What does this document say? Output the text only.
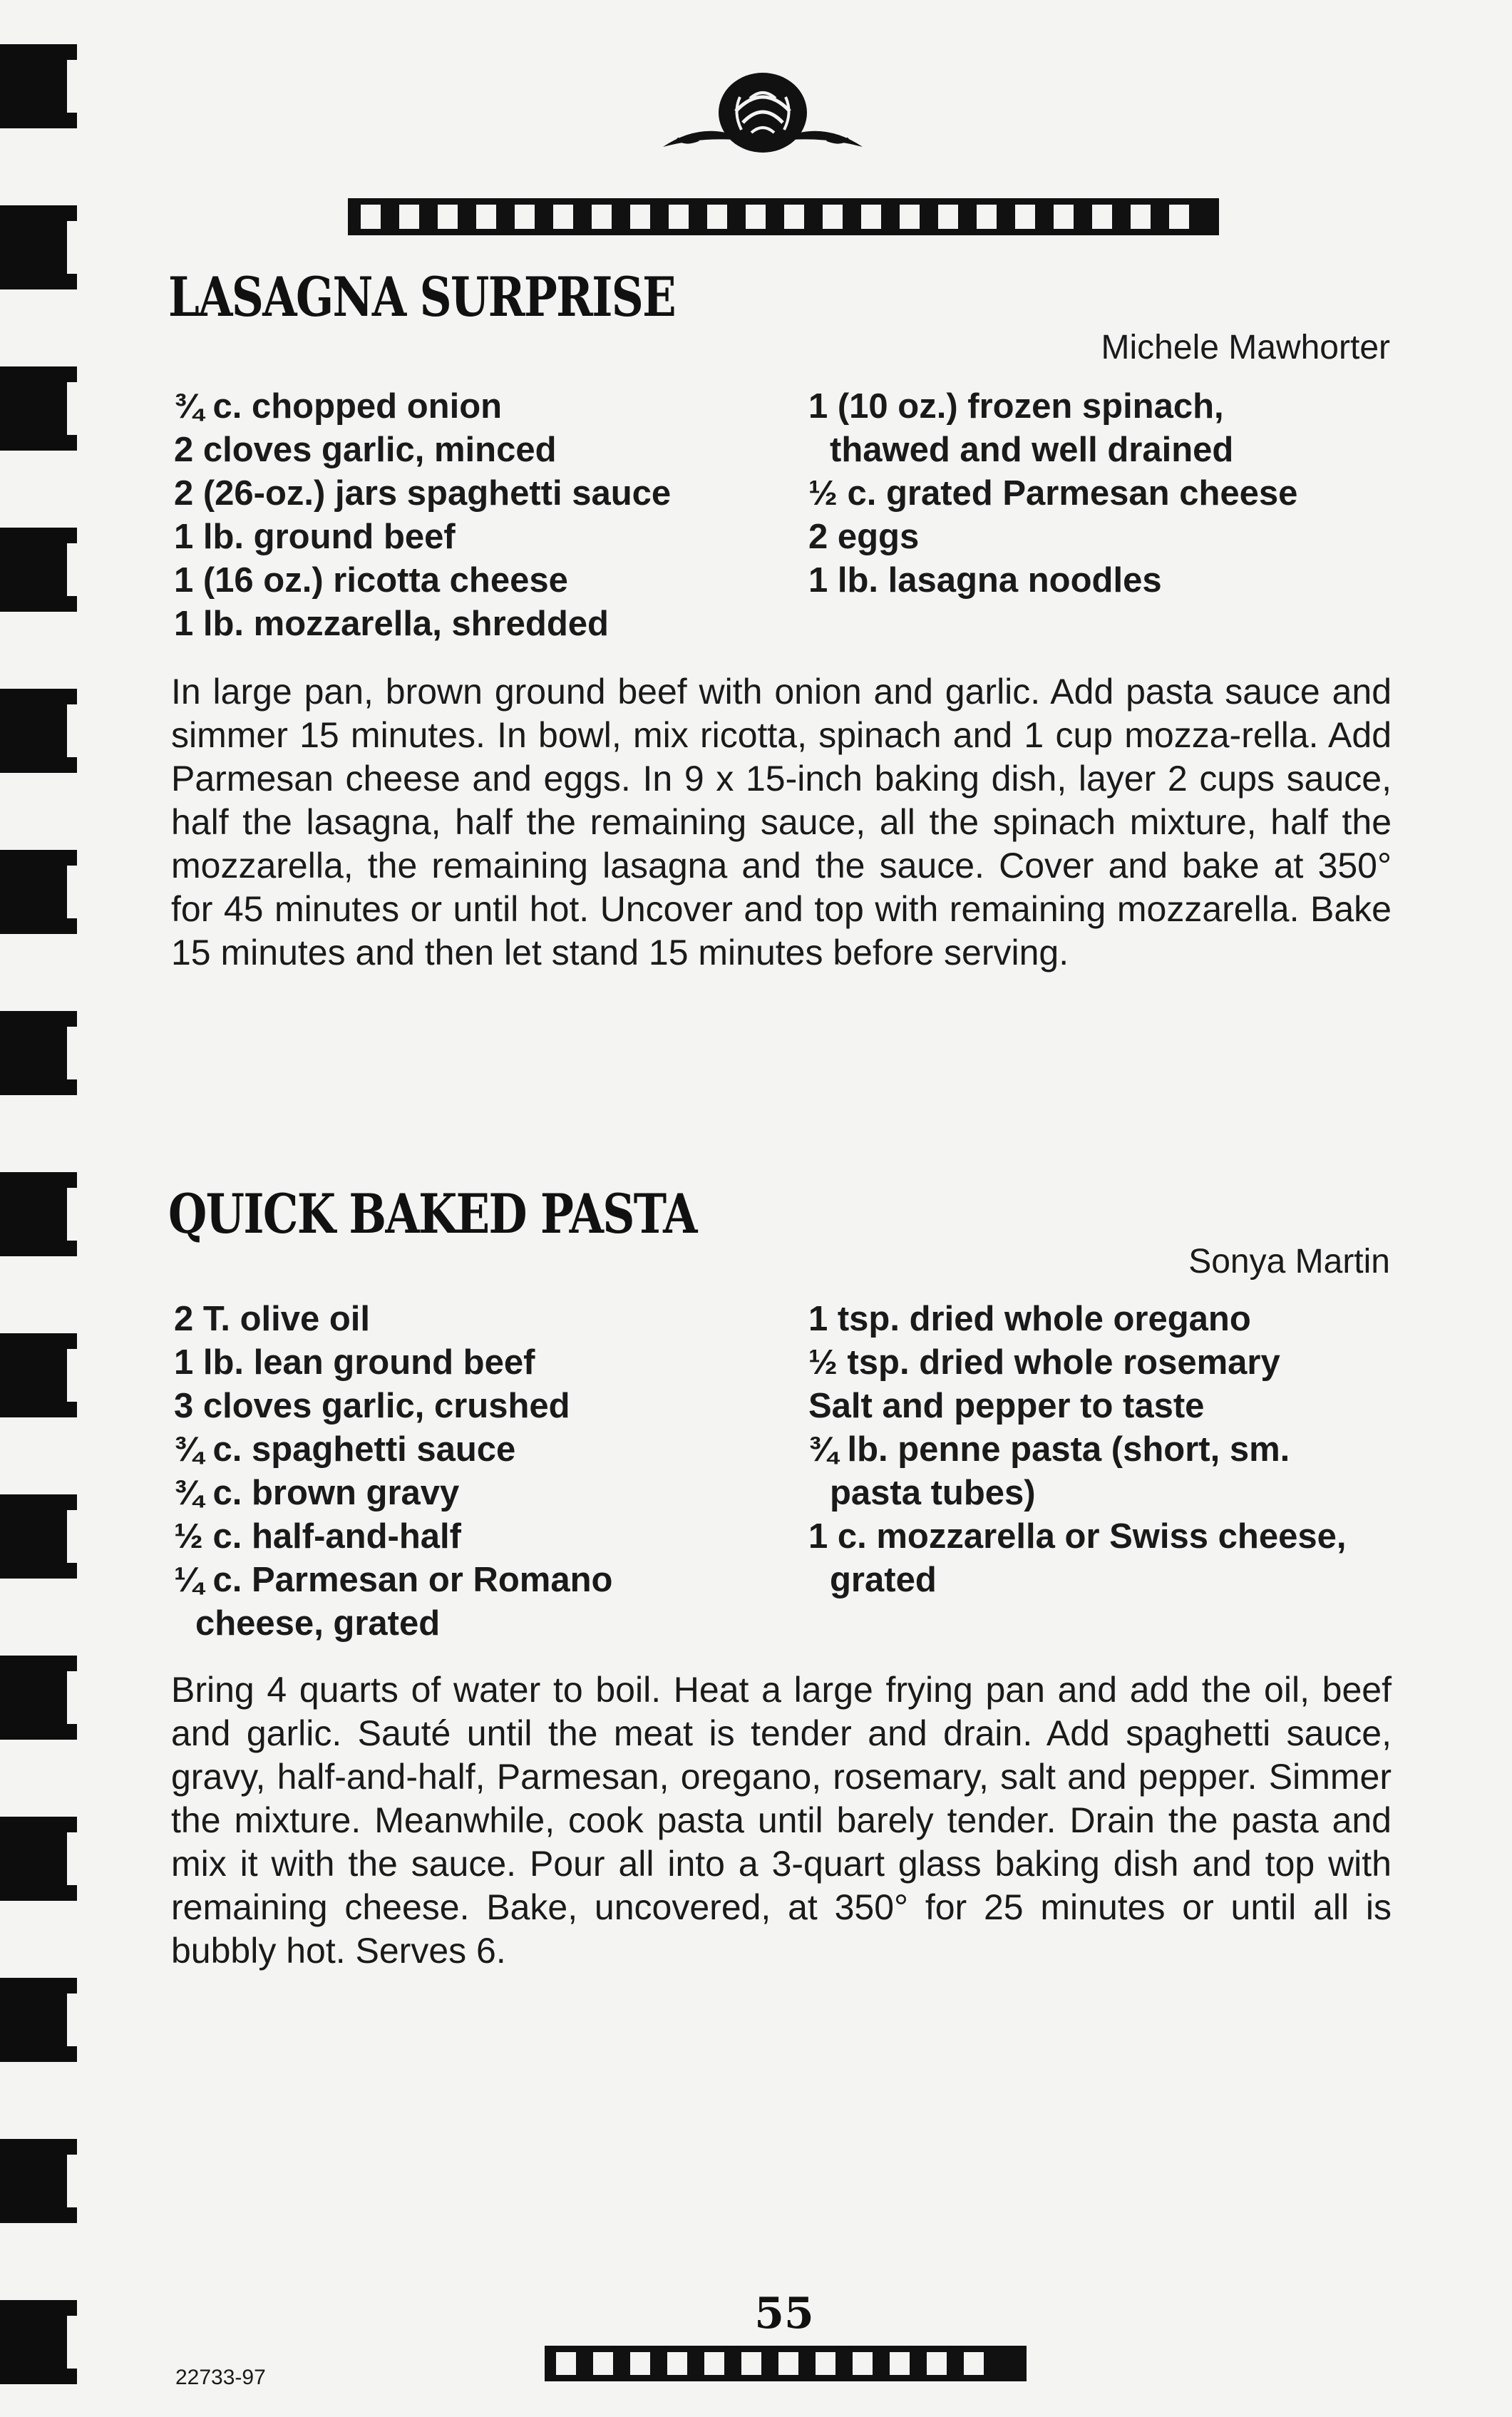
LASAGNA SURPRISE
Michele Mawhorter
¾ c. chopped onion
2 cloves garlic, minced
2 (26-oz.) jars spaghetti sauce
1 lb. ground beef
1 (16 oz.) ricotta cheese
1 lb. mozzarella, shredded
1 (10 oz.) frozen spinach,
thawed and well drained
½ c. grated Parmesan cheese
2 eggs
1 lb. lasagna noodles
In large pan, brown ground beef with onion and garlic. Add pasta sauce and simmer 15 minutes. In bowl, mix ricotta, spinach and 1 cup mozza-rella. Add Parmesan cheese and eggs. In 9 x 15-inch baking dish, layer 2 cups sauce, half the lasagna, half the remaining sauce, all the spinach mixture, half the mozzarella, the remaining lasagna and the sauce. Cover and bake at 350° for 45 minutes or until hot. Uncover and top with remaining mozzarella. Bake 15 minutes and then let stand 15 minutes before serving.
QUICK BAKED PASTA
Sonya Martin
2 T. olive oil
1 lb. lean ground beef
3 cloves garlic, crushed
¾ c. spaghetti sauce
¾ c. brown gravy
½ c. half-and-half
¼ c. Parmesan or Romano
cheese, grated
1 tsp. dried whole oregano
½ tsp. dried whole rosemary
Salt and pepper to taste
¾ lb. penne pasta (short, sm.
pasta tubes)
1 c. mozzarella or Swiss cheese,
grated
Bring 4 quarts of water to boil. Heat a large frying pan and add the oil, beef and garlic. Sauté until the meat is tender and drain. Add spaghetti sauce, gravy, half-and-half, Parmesan, oregano, rosemary, salt and pepper. Simmer the mixture. Meanwhile, cook pasta until barely tender. Drain the pasta and mix it with the sauce. Pour all into a 3-quart glass baking dish and top with remaining cheese. Bake, uncovered, at 350° for 25 minutes or until all is bubbly hot. Serves 6.
55
22733-97
